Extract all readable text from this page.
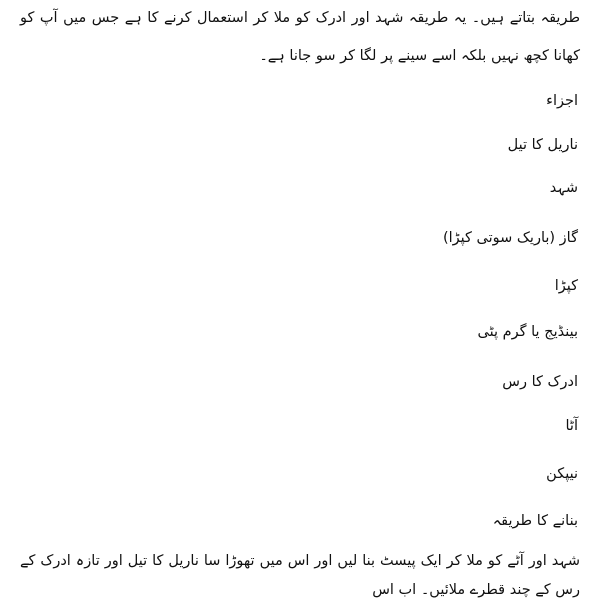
طریقہ بتاتے ہیں۔ یہ طریقہ شہد اور ادرک کو ملا کر استعمال کرنے کا ہے جس میں آپ کو کھانا کچھ نہیں بلکہ اسے سینے پر لگا کر سو جانا ہے۔

اجزاء
ناریل کا تیل
شہد
گاز (باریک سوتی کپڑا)
کپڑا
بینڈیج یا گرم پٹی
ادرک کا رس
آٹا
نیپکن
بنانے کا طریقہ

شہد اور آٹے کو ملا کر ایک پیسٹ بنا لیں اور اس میں تھوڑا سا ناریل کا تیل اور تازہ ادرک کے رس کے چند قطرے ملائیں۔ اب اس
